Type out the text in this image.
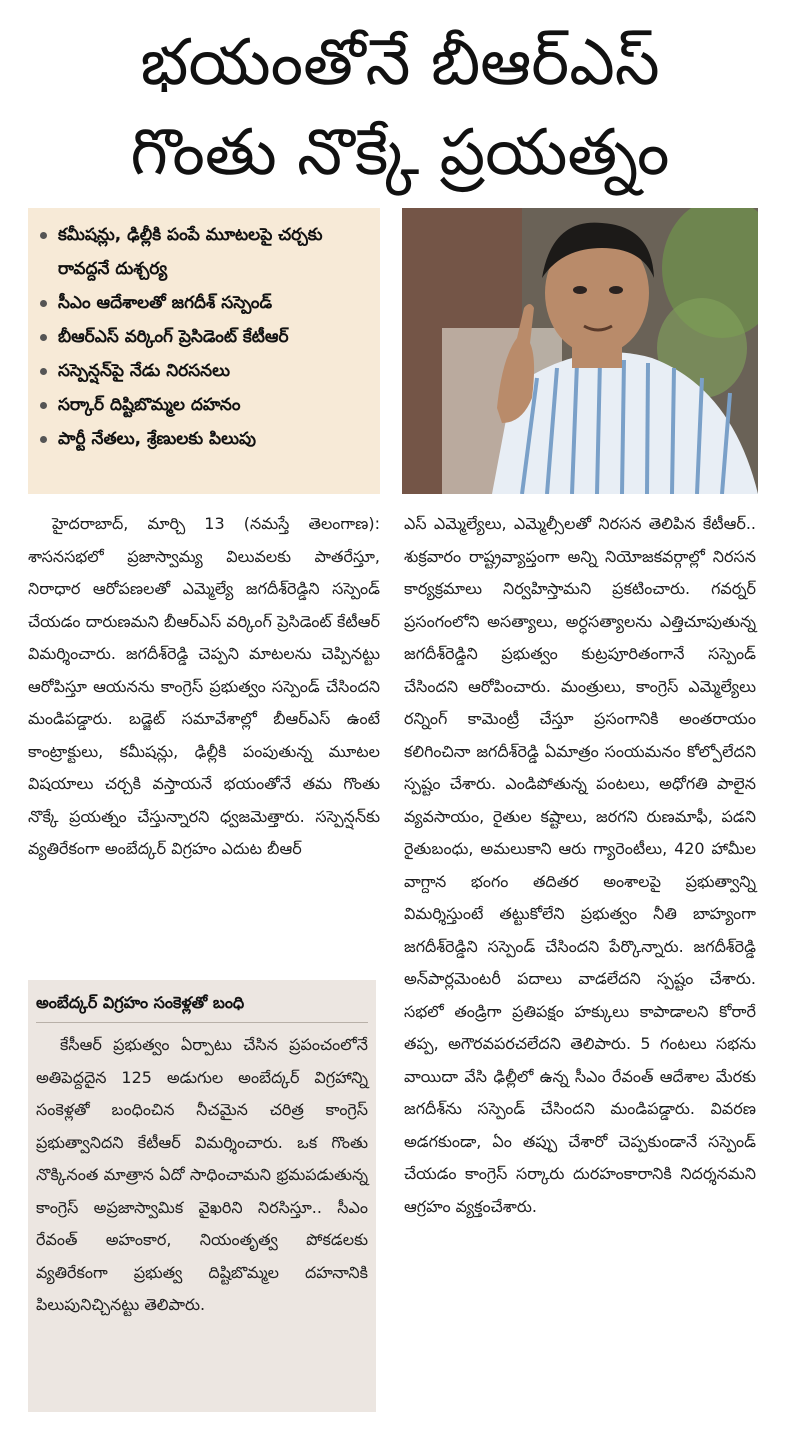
భయంతోనే బీఆర్ఎస్
గొంతు నొక్కే ప్రయత్నం
కమీషన్లు, ఢిల్లీకి పంపే మూటలపై చర్చకు రావద్దనే దుశ్చర్య
సీఎం ఆదేశాలతో జగదీశ్ సస్పెండ్
బీఆర్ఎస్ వర్కింగ్ ప్రెసిడెంట్ కేటీఆర్
సస్పెన్షన్‌పై నేడు నిరసనలు
సర్కార్ దిష్టిబొమ్మల దహనం
పార్టీ నేతలు, శ్రేణులకు పిలుపు

హైదరాబాద్, మార్చి 13 (నమస్తే తెలంగాణ): శాసనసభలో ప్రజాస్వామ్య విలువలకు పాతరేస్తూ, నిరాధార ఆరోపణలతో ఎమ్మెల్యే జగదీశ్‌రెడ్డిని సస్పెండ్ చేయడం దారుణమని బీఆర్ఎస్ వర్కింగ్ ప్రెసిడెంట్ కేటీఆర్ విమర్శించారు. జగదీశ్‌రెడ్డి చెప్పని మాటలను చెప్పినట్టు ఆరోపిస్తూ ఆయనను కాంగ్రెస్ ప్రభుత్వం సస్పెండ్ చేసిందని మండిపడ్డారు. బడ్జెట్ సమావేశాల్లో బీఆర్ఎస్ ఉంటే కాంట్రాక్టులు, కమీషన్లు, ఢిల్లీకి పంపుతున్న మూటల విషయాలు చర్చకి వస్తాయనే భయంతోనే తమ గొంతు నొక్కే ప్రయత్నం చేస్తున్నారని ధ్వజమెత్తారు. సస్పెన్షన్‌కు వ్యతిరేకంగా అంబేద్కర్ విగ్రహం ఎదుట బీఆర్

ఎస్ ఎమ్మెల్యేలు, ఎమ్మెల్సీలతో నిరసన తెలిపిన కేటీఆర్.. శుక్రవారం రాష్ట్రవ్యాప్తంగా అన్ని నియోజకవర్గాల్లో నిరసన కార్యక్రమాలు నిర్వహిస్తామని ప్రకటించారు. గవర్నర్ ప్రసంగంలోని అసత్యాలు, అర్ధసత్యాలను ఎత్తిచూపుతున్న జగదీశ్‌రెడ్డిని ప్రభుత్వం కుట్రపూరితంగానే సస్పెండ్ చేసిందని ఆరోపించారు. మంత్రులు, కాంగ్రెస్ ఎమ్మెల్యేలు రన్నింగ్ కామెంట్రీ చేస్తూ ప్రసంగానికి అంతరాయం కలిగించినా జగదీశ్‌రెడ్డి ఏమాత్రం సంయమనం కోల్పోలేదని స్పష్టం చేశారు. ఎండిపోతున్న పంటలు, అధోగతి పాలైన వ్యవసాయం, రైతుల కష్టాలు, జరగని రుణమాఫీ, పడని రైతుబంధు, అమలుకాని ఆరు గ్యారెంటీలు, 420 హామీల వాగ్దాన భంగం తదితర అంశాలపై ప్రభుత్వాన్ని విమర్శిస్తుంటే తట్టుకోలేని ప్రభుత్వం నీతి బాహ్యంగా జగదీశ్‌రెడ్డిని సస్పెండ్ చేసిందని పేర్కొన్నారు. జగదీశ్‌రెడ్డి అన్‌పార్లమెంటరీ పదాలు వాడలేదని స్పష్టం చేశారు. సభలో తండ్రిగా ప్రతిపక్షం హక్కులు కాపాడాలని కోరారే తప్ప, అగౌరవపరచలేదని తెలిపారు. 5 గంటలు సభను వాయిదా వేసి ఢిల్లీలో ఉన్న సీఎం రేవంత్ ఆదేశాల మేరకు జగదీశ్‌ను సస్పెండ్ చేసిందని మండిపడ్డారు. వివరణ అడగకుండా, ఏం తప్పు చేశారో చెప్పకుండానే సస్పెండ్ చేయడం కాంగ్రెస్ సర్కారు దురహంకారానికి నిదర్శనమని ఆగ్రహం వ్యక్తంచేశారు.

అంబేద్కర్ విగ్రహం సంకెళ్లతో బంధి

కేసీఆర్ ప్రభుత్వం ఏర్పాటు చేసిన ప్రపంచంలోనే అతిపెద్దదైన 125 అడుగుల అంబేద్కర్ విగ్రహాన్ని సంకెళ్లతో బంధించిన నీచమైన చరిత్ర కాంగ్రెస్ ప్రభుత్వానిదని కేటీఆర్ విమర్శించారు. ఒక గొంతు నొక్కినంత మాత్రాన ఏదో సాధించామని భ్రమపడుతున్న కాంగ్రెస్ అప్రజాస్వామిక వైఖరిని నిరసిస్తూ.. సీఎం రేవంత్ అహంకార, నియంతృత్వ పోకడలకు వ్యతిరేకంగా ప్రభుత్వ దిష్టిబొమ్మల దహనానికి పిలుపునిచ్చినట్టు తెలిపారు.
